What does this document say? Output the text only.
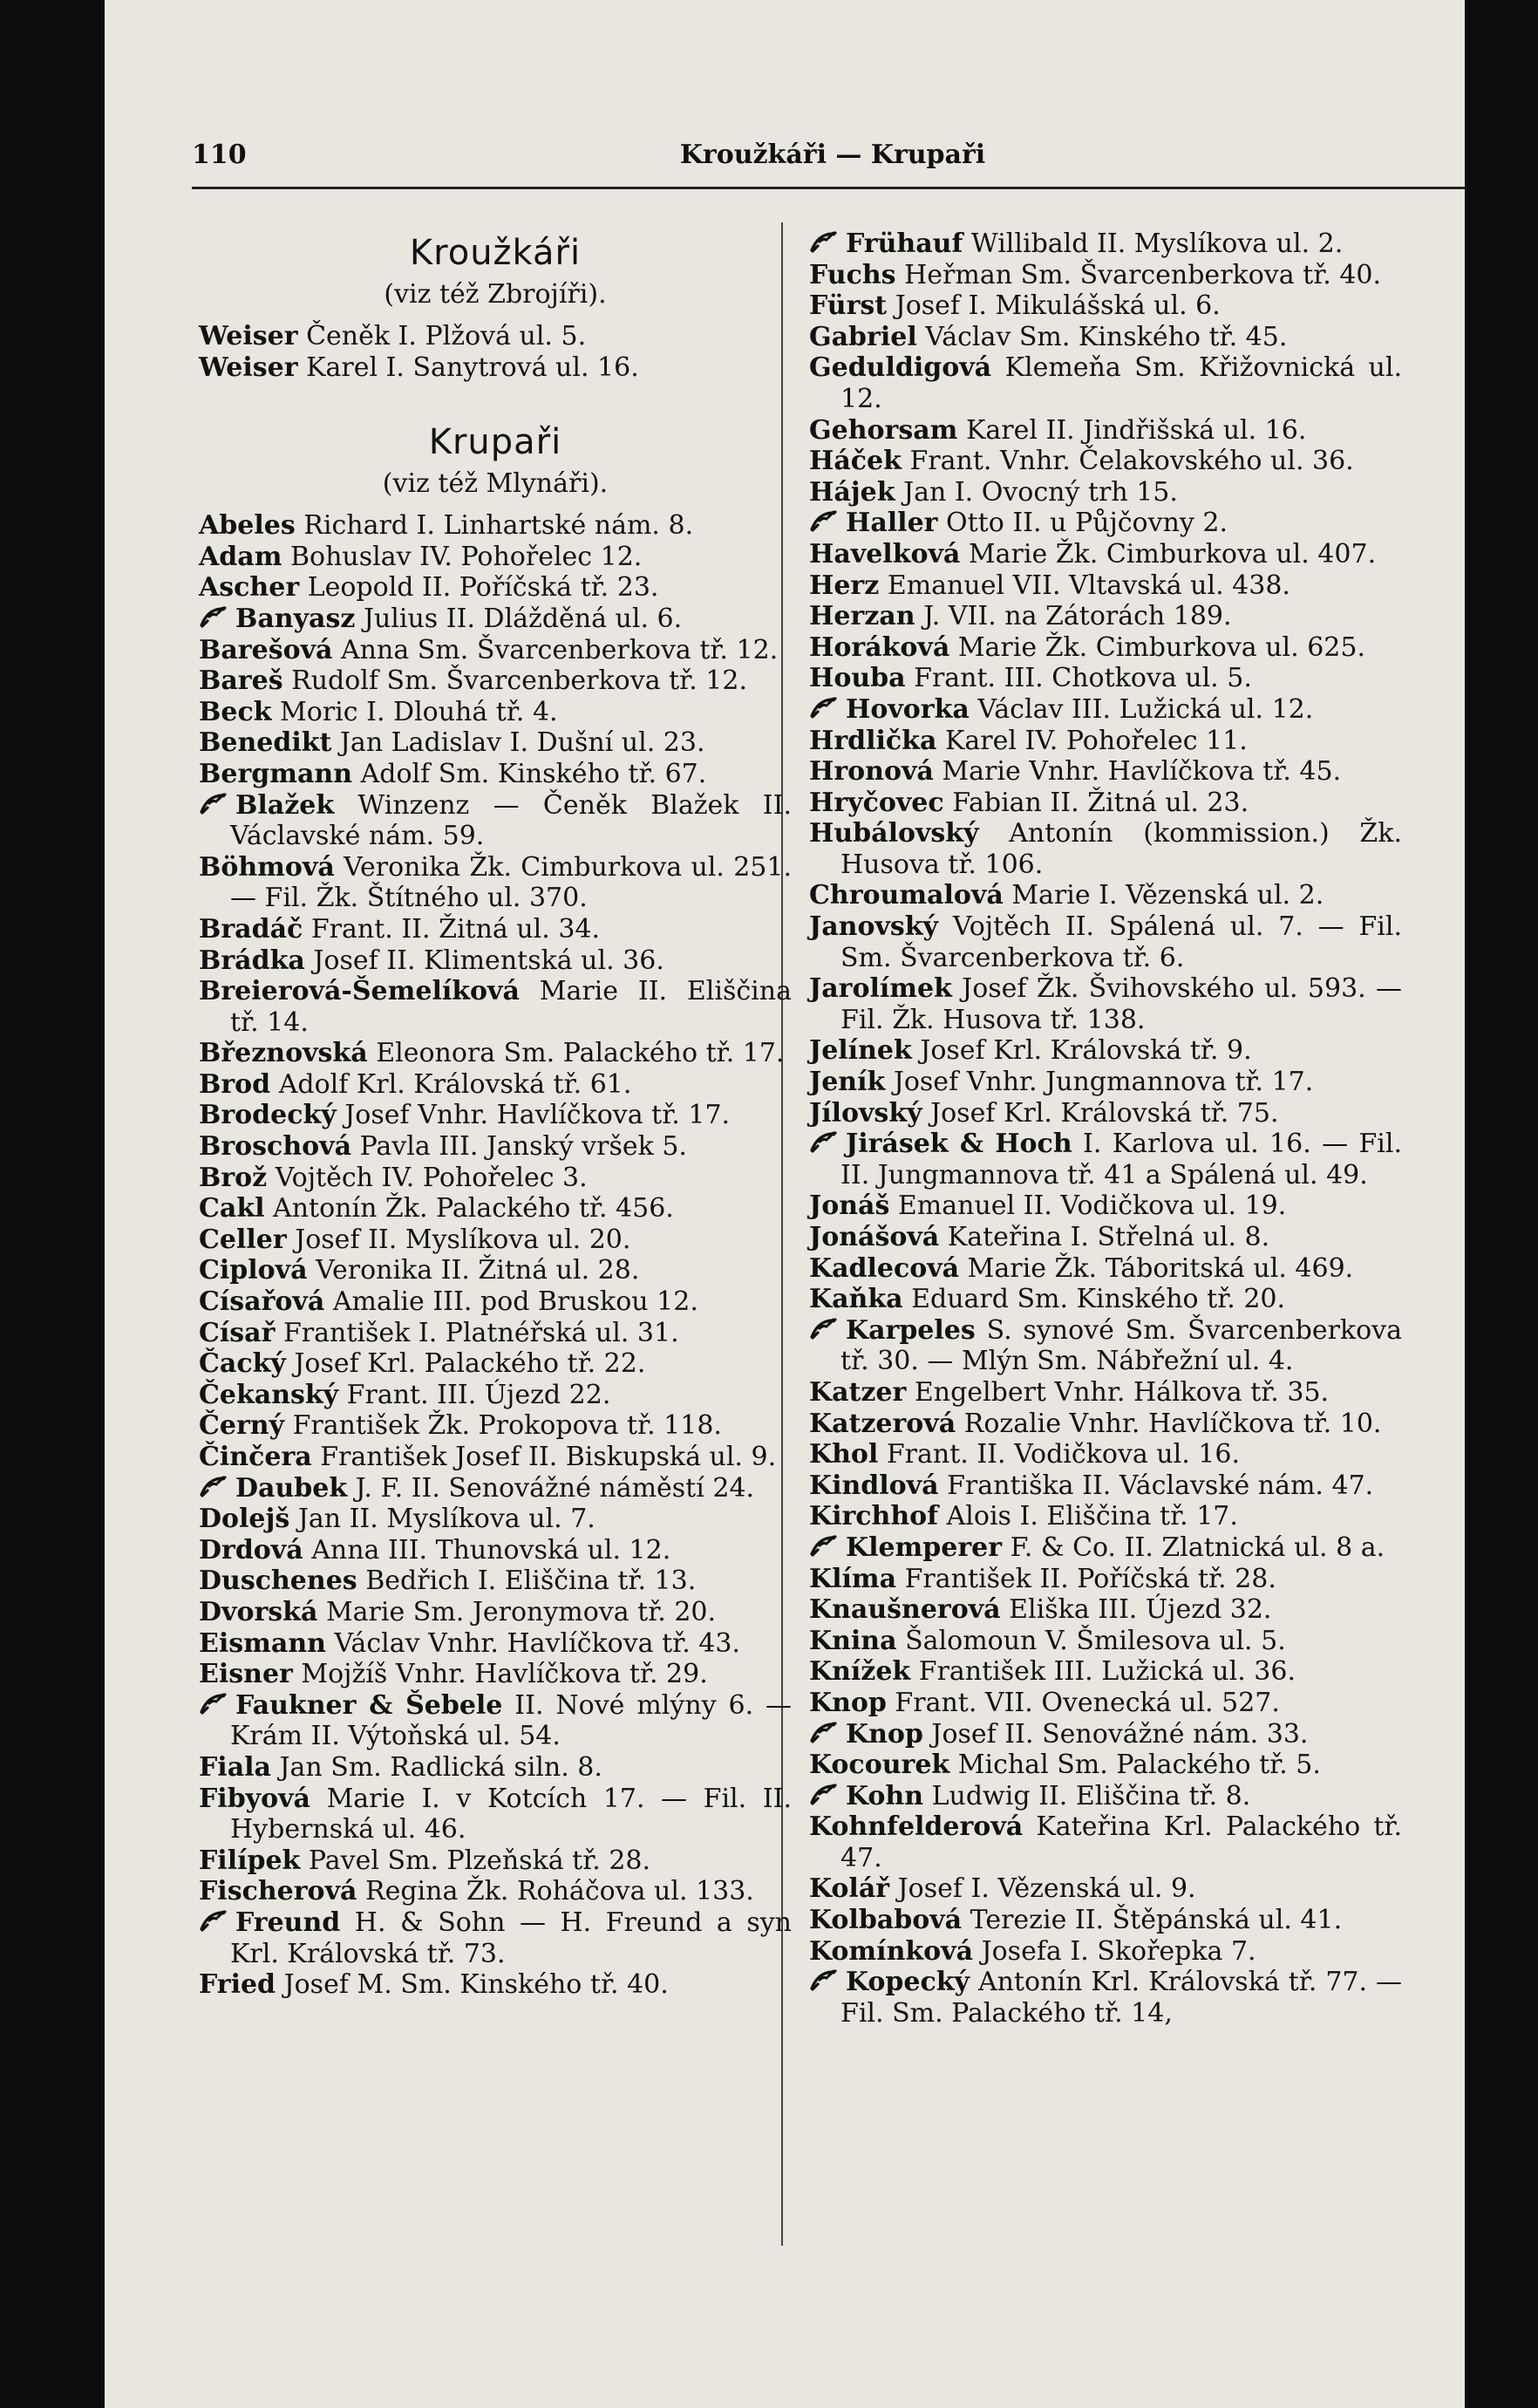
110	Kroužkáři — Krupaři
Kroužkáři
(viz též Zbrojíři).

Weiser Čeněk I. Plžová ul. 5.

Weiser Karel I. Sanytrová ul. 16.

Krupaři
(viz též Mlynáři).

Abeles Richard I. Linhartské nám. 8.

Adam Bohuslav IV. Pohořelec 12.

Ascher Leopold II. Poříčská tř. 23.

Banyasz Julius II. Dlážděná ul. 6.

Barešová Anna Sm. Švarcenberkova tř. 12.

Bareš Rudolf Sm. Švarcenberkova tř. 12.

Beck Moric I. Dlouhá tř. 4.

Benedikt Jan Ladislav I. Dušní ul. 23.

Bergmann Adolf Sm. Kinského tř. 67.

Blažek Winzenz — Čeněk Blažek II. Václavské nám. 59.

Böhmová Veronika Žk. Cimburkova ul. 251. — Fil. Žk. Štítného ul. 370.

Bradáč Frant. II. Žitná ul. 34.

Brádka Josef II. Klimentská ul. 36.

Breierová-Šemelíková Marie II. Eliščina tř. 14.

Březnovská Eleonora Sm. Palackého tř. 17.

Brod Adolf Krl. Královská tř. 61.

Brodecký Josef Vnhr. Havlíčkova tř. 17.

Broschová Pavla III. Janský vršek 5.

Brož Vojtěch IV. Pohořelec 3.

Cakl Antonín Žk. Palackého tř. 456.

Celler Josef II. Myslíkova ul. 20.

Ciplová Veronika II. Žitná ul. 28.

Císařová Amalie III. pod Bruskou 12.

Císař František I. Platnéřská ul. 31.

Čacký Josef Krl. Palackého tř. 22.

Čekanský Frant. III. Újezd 22.

Černý František Žk. Prokopova tř. 118.

Činčera František Josef II. Biskupská ul. 9.

Daubek J. F. II. Senovážné náměstí 24.

Dolejš Jan II. Myslíkova ul. 7.

Drdová Anna III. Thunovská ul. 12.

Duschenes Bedřich I. Eliščina tř. 13.

Dvorská Marie Sm. Jeronymova tř. 20.

Eismann Václav Vnhr. Havlíčkova tř. 43.

Eisner Mojžíš Vnhr. Havlíčkova tř. 29.

Faukner & Šebele II. Nové mlýny 6. — Krám II. Výtoňská ul. 54.

Fiala Jan Sm. Radlická siln. 8.

Fibyová Marie I. v Kotcích 17. — Fil. II. Hybernská ul. 46.

Filípek Pavel Sm. Plzeňská tř. 28.

Fischerová Regina Žk. Roháčova ul. 133.

Freund H. & Sohn — H. Freund a syn Krl. Královská tř. 73.

Fried Josef M. Sm. Kinského tř. 40.

Frühauf Willibald II. Myslíkova ul. 2.

Fuchs Heřman Sm. Švarcenberkova tř. 40.

Fürst Josef I. Mikulášská ul. 6.

Gabriel Václav Sm. Kinského tř. 45.

Geduldigová Klemeňa Sm. Křižovnická ul. 12.

Gehorsam Karel II. Jindřišská ul. 16.

Háček Frant. Vnhr. Čelakovského ul. 36.

Hájek Jan I. Ovocný trh 15.

Haller Otto II. u Půjčovny 2.

Havelková Marie Žk. Cimburkova ul. 407.

Herz Emanuel VII. Vltavská ul. 438.

Herzan J. VII. na Zátorách 189.

Horáková Marie Žk. Cimburkova ul. 625.

Houba Frant. III. Chotkova ul. 5.

Hovorka Václav III. Lužická ul. 12.

Hrdlička Karel IV. Pohořelec 11.

Hronová Marie Vnhr. Havlíčkova tř. 45.

Hryčovec Fabian II. Žitná ul. 23.

Hubálovský Antonín (kommission.) Žk. Husova tř. 106.

Chroumalová Marie I. Vězenská ul. 2.

Janovský Vojtěch II. Spálená ul. 7. — Fil. Sm. Švarcenberkova tř. 6.

Jarolímek Josef Žk. Švihovského ul. 593. — Fil. Žk. Husova tř. 138.

Jelínek Josef Krl. Královská tř. 9.

Jeník Josef Vnhr. Jungmannova tř. 17.

Jílovský Josef Krl. Královská tř. 75.

Jirásek & Hoch I. Karlova ul. 16. — Fil. II. Jungmannova tř. 41 a Spálená ul. 49.

Jonáš Emanuel II. Vodičkova ul. 19.

Jonášová Kateřina I. Střelná ul. 8.

Kadlecová Marie Žk. Táboritská ul. 469.

Kaňka Eduard Sm. Kinského tř. 20.

Karpeles S. synové Sm. Švarcenberkova tř. 30. — Mlýn Sm. Nábřežní ul. 4.

Katzer Engelbert Vnhr. Hálkova tř. 35.

Katzerová Rozalie Vnhr. Havlíčkova tř. 10.

Khol Frant. II. Vodičkova ul. 16.

Kindlová Františka II. Václavské nám. 47.

Kirchhof Alois I. Eliščina tř. 17.

Klemperer F. & Co. II. Zlatnická ul. 8 a.

Klíma František II. Poříčská tř. 28.

Knaušnerová Eliška III. Újezd 32.

Knina Šalomoun V. Šmilesova ul. 5.

Knížek František III. Lužická ul. 36.

Knop Frant. VII. Ovenecká ul. 527.

Knop Josef II. Senovážné nám. 33.

Kocourek Michal Sm. Palackého tř. 5.

Kohn Ludwig II. Eliščina tř. 8.

Kohnfelderová Kateřina Krl. Palackého tř. 47.

Kolář Josef I. Vězenská ul. 9.

Kolbabová Terezie II. Štěpánská ul. 41.

Komínková Josefa I. Skořepka 7.

Kopecký Antonín Krl. Královská tř. 77. — Fil. Sm. Palackého tř. 14,
